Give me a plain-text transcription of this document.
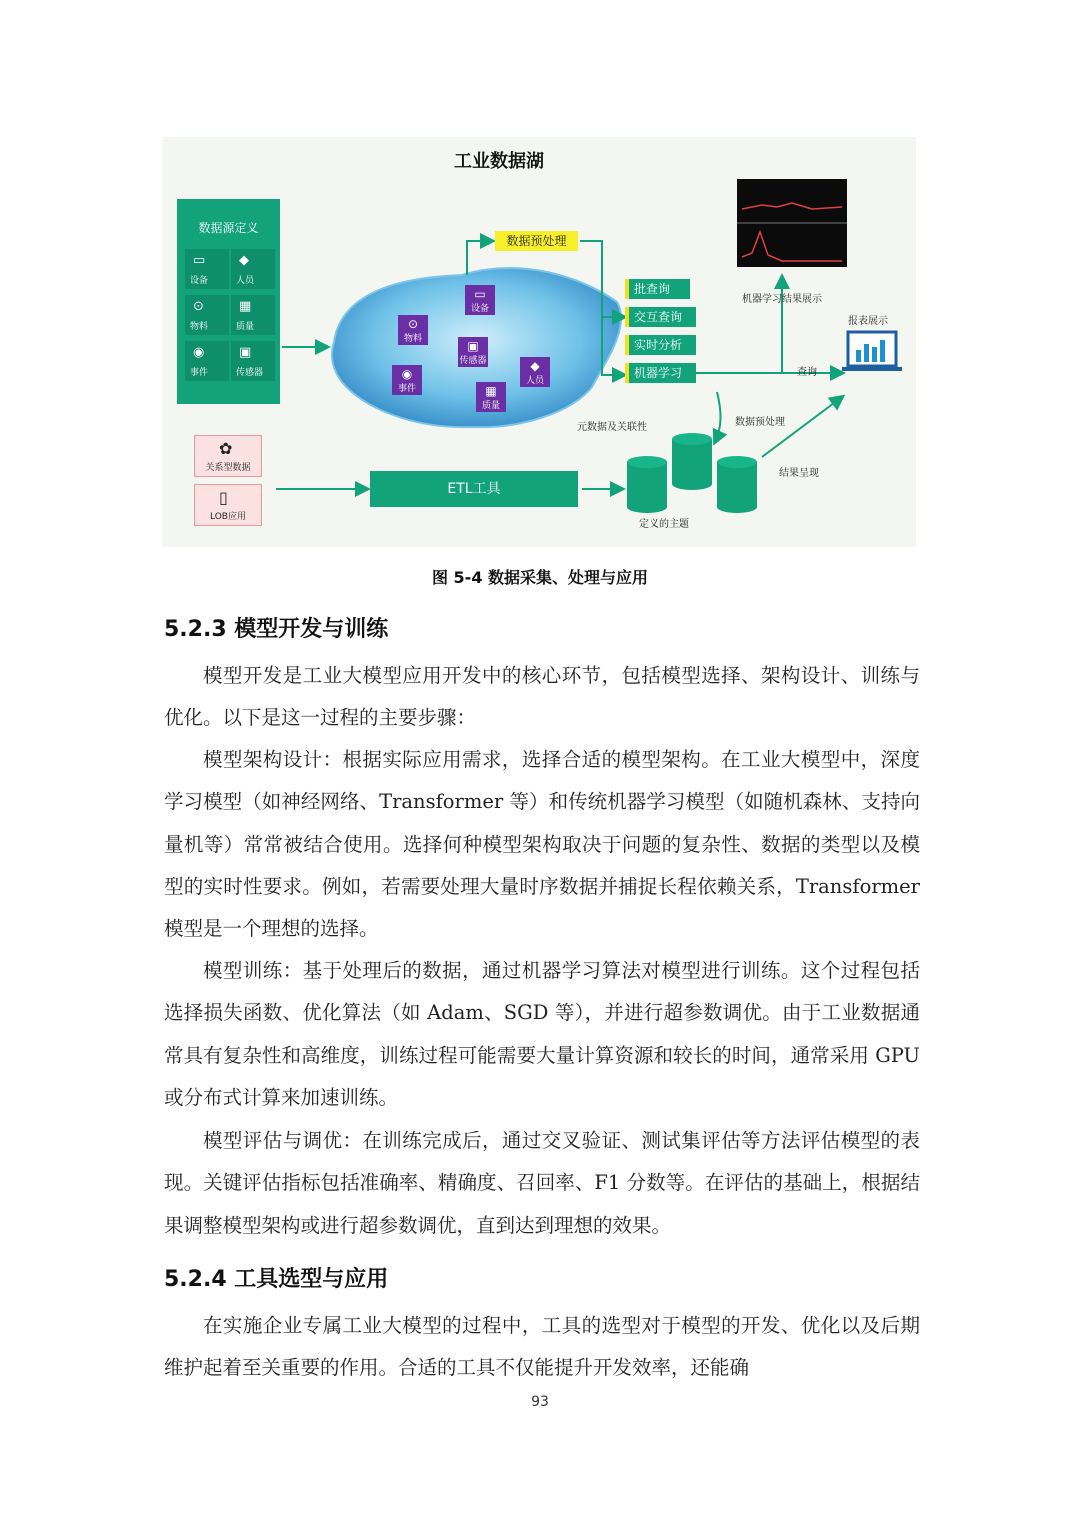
工业数据湖
数据源定义
▭
设备
◆
人员
⊙
物料
▦
质量
◉
事件
▣
传感器
▭
设备
⊙
物料	▣
传感器
◉
事件
◆
人员
▦
质量
数据预处理
批查询
交互查询
实时分析
机器学习
机器学习结果展示
报表展示
查询
数据预处理
元数据及关联性
结果呈现
定义的主题
✿
关系型数据
▯
LOB应用
ETL工具
图 5-4 数据采集、处理与应用
5.2.3 模型开发与训练

模型开发是工业大模型应用开发中的核心环节，包括模型选择、架构设计、训练与优化。以下是这一过程的主要步骤：

模型架构设计：根据实际应用需求，选择合适的模型架构。在工业大模型中，深度学习模型（如神经网络、Transformer 等）和传统机器学习模型（如随机森林、支持向量机等）常常被结合使用。选择何种模型架构取决于问题的复杂性、数据的类型以及模型的实时性要求。例如，若需要处理大量时序数据并捕捉长程依赖关系，Transformer 模型是一个理想的选择。

模型训练：基于处理后的数据，通过机器学习算法对模型进行训练。这个过程包括选择损失函数、优化算法（如 Adam、SGD 等），并进行超参数调优。由于工业数据通常具有复杂性和高维度，训练过程可能需要大量计算资源和较长的时间，通常采用 GPU 或分布式计算来加速训练。

模型评估与调优：在训练完成后，通过交叉验证、测试集评估等方法评估模型的表现。关键评估指标包括准确率、精确度、召回率、F1 分数等。在评估的基础上，根据结果调整模型架构或进行超参数调优，直到达到理想的效果。

5.2.4 工具选型与应用

在实施企业专属工业大模型的过程中，工具的选型对于模型的开发、优化以及后期维护起着至关重要的作用。合适的工具不仅能提升开发效率，还能确

93
